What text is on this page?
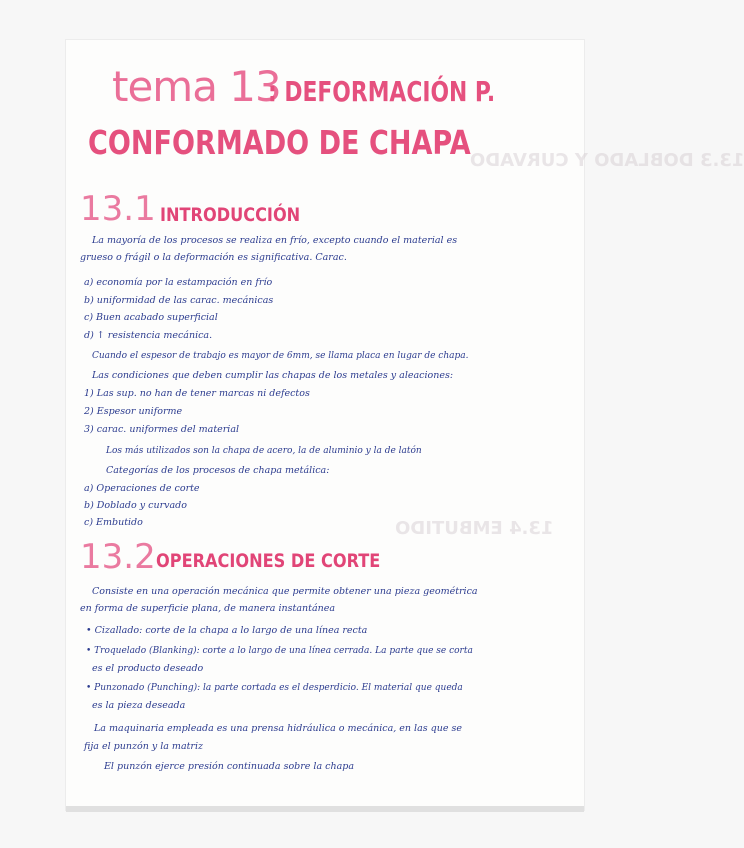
13.3 DOBLADO Y CURVADO
13.4 EMBUTIDO
tema 13
: DEFORMACIÓN P.
CONFORMADO DE CHAPA
13.1 INTRODUCCIÓN
La mayoría de los procesos se realiza en frío, excepto cuando el material es
grueso o frágil o la deformación es significativa. Carac.
a) economía por la estampación en frío
b) uniformidad de las carac. mecánicas
c) Buen acabado superficial
d) ↑ resistencia mecánica.
Cuando el espesor de trabajo es mayor de 6mm, se llama placa en lugar de chapa.
Las condiciones que deben cumplir las chapas de los metales y aleaciones:
1) Las sup. no han de tener marcas ni defectos
2) Espesor uniforme
3) carac. uniformes del material
Los más utilizados son la chapa de acero, la de aluminio y la de latón
Categorías de los procesos de chapa metálica:
a) Operaciones de corte
b) Doblado y curvado
c) Embutido
13.2 OPERACIONES DE CORTE
Consiste en una operación mecánica que permite obtener una pieza geométrica
en forma de superficie plana, de manera instantánea
• Cizallado: corte de la chapa a lo largo de una línea recta
• Troquelado (Blanking): corte a lo largo de una línea cerrada. La parte que se corta
es el producto deseado
• Punzonado (Punching): la parte cortada es el desperdicio. El material que queda
es la pieza deseada
La maquinaria empleada es una prensa hidráulica o mecánica, en las que se
fija el punzón y la matriz
El punzón ejerce presión continuada sobre la chapa
